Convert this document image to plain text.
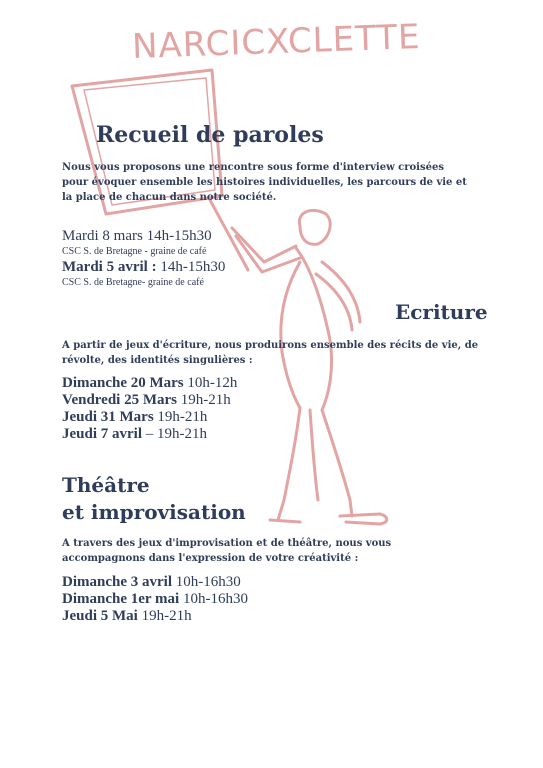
NARCICXCLETTE
Recueil de paroles
Nous vous proposons une rencontre sous forme d'interview croisées pour évoquer ensemble les histoires individuelles, les parcours de vie et la place de chacun dans notre société.
Mardi 8 mars 14h-15h30
CSC S. de Bretagne - graine de café
Mardi 5 avril : 14h-15h30
CSC S. de Bretagne- graine de café
Ecriture
A partir de jeux d'écriture, nous produirons ensemble des récits de vie, de révolte, des identités singulières :
Dimanche 20 Mars 10h-12h
Vendredi 25 Mars 19h-21h
Jeudi 31 Mars 19h-21h
Jeudi 7 avril – 19h-21h
Théâtre
et improvisation
A travers des jeux d'improvisation et de théâtre, nous vous accompagnons dans l'expression de votre créativité :
Dimanche 3 avril 10h-16h30
Dimanche 1er mai 10h-16h30
Jeudi 5 Mai 19h-21h
